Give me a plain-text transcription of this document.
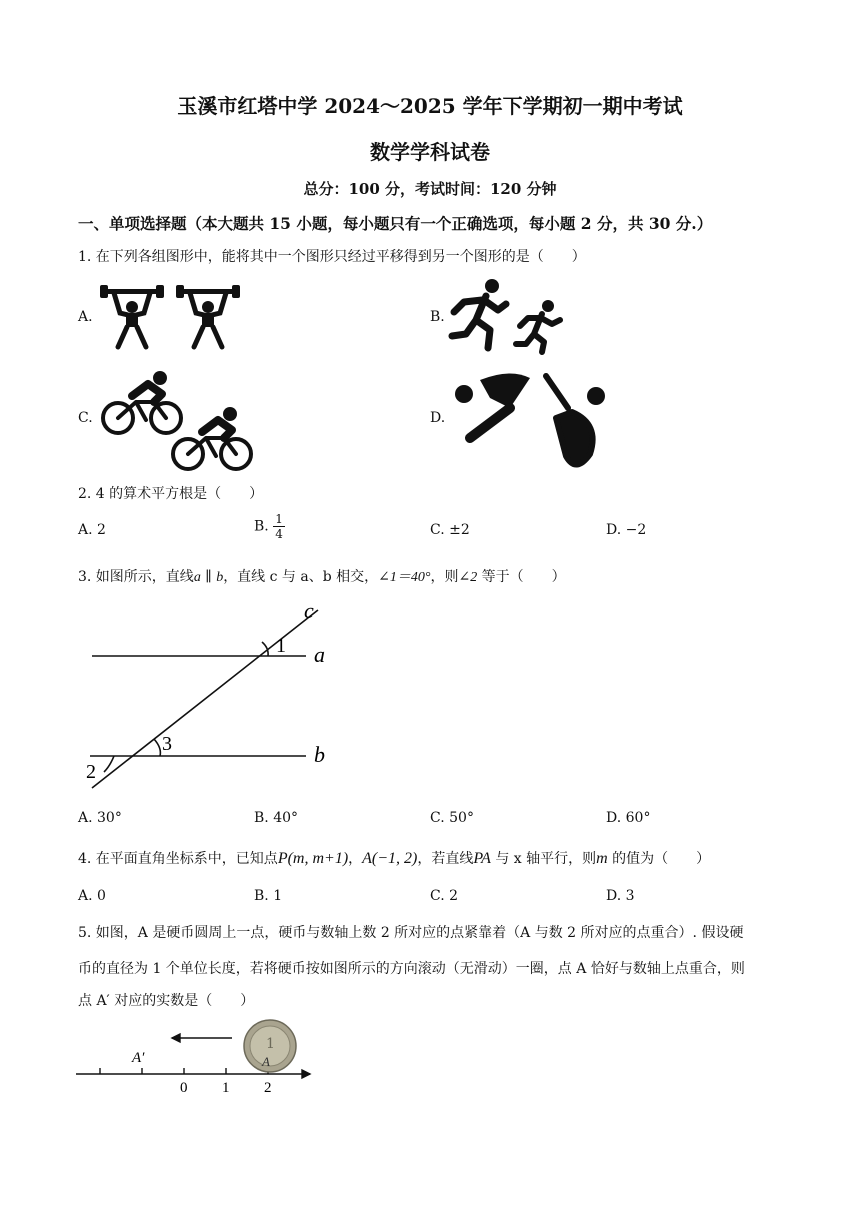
玉溪市红塔中学 2024～2025 学年下学期初一期中考试
数学学科试卷
总分：100 分，考试时间：120 分钟
一、单项选择题（本大题共 15 小题，每小题只有一个正确选项，每小题 2 分，共 30 分.）
1. 在下列各组图形中，能将其中一个图形只经过平移得到另一个图形的是（　　）
A.	B.
C.	D.
2. 4 的算术平方根是（　　）
A. 2	B. $\frac{1}{4}$	C. ±2	D. −2
3. 如图所示，直线a ∥ b，直线 c 与 a、b 相交，∠1＝40°，则∠2 等于（　　）
c
a
b
1
3
2
A. 30°	B. 40°	C. 50°	D. 60°
4. 在平面直角坐标系中，已知点P(m, m+1)，A(−1, 2)，若直线PA 与 x 轴平行，则m 的值为（　　）
A. 0	B. 1	C. 2	D. 3
5. 如图，A 是硬币圆周上一点，硬币与数轴上数 2 所对应的点紧靠着（A 与数 2 所对应的点重合）. 假设硬
币的直径为 1 个单位长度，若将硬币按如图所示的方向滚动（无滑动）一圈，点 A 恰好与数轴上点重合，则
点 A′ 对应的实数是（　　）
1
A′	A
0 1 2
